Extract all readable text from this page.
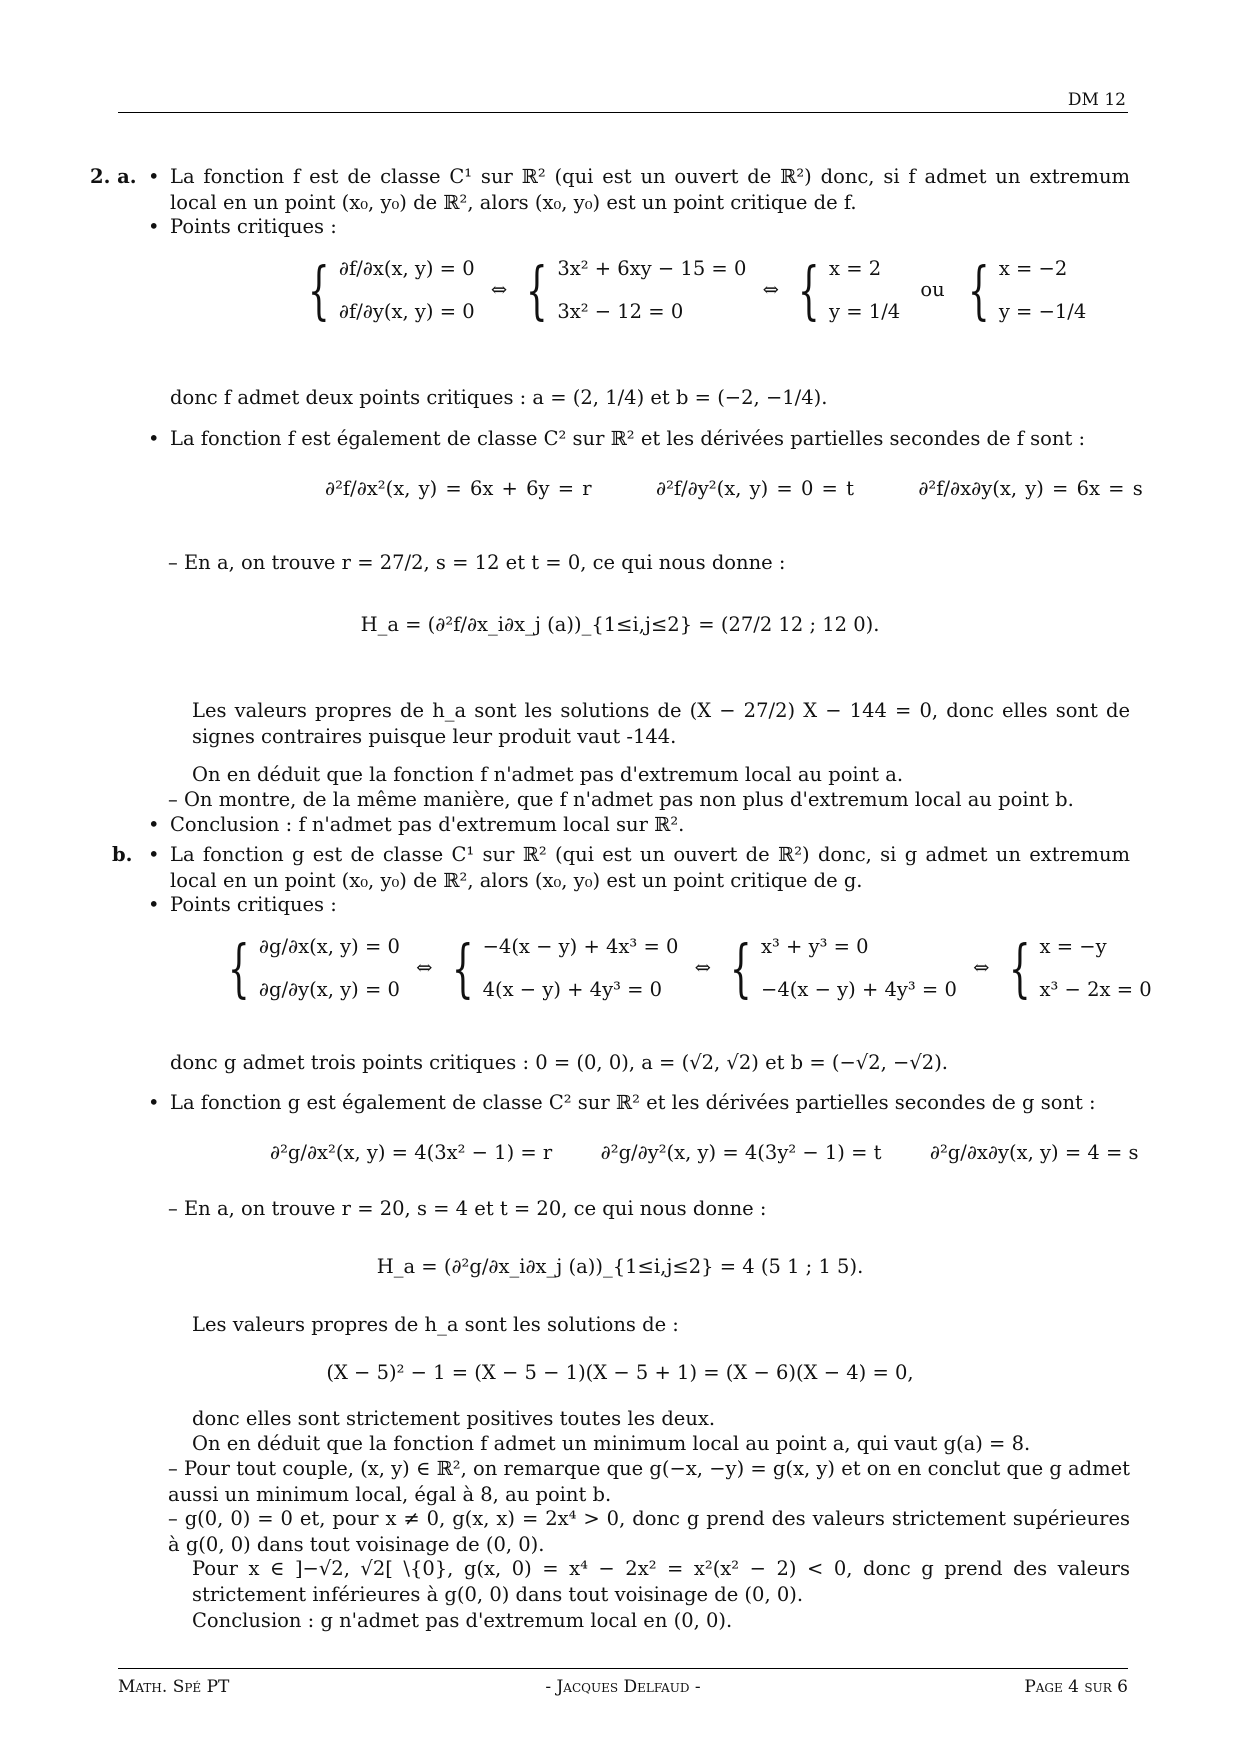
DM 12
2. a. • La fonction f est de classe C¹ sur ℝ² (qui est un ouvert de ℝ²) donc, si f admet un extremum local en un point (x₀, y₀) de ℝ², alors (x₀, y₀) est un point critique de f.
• Points critiques :
{ ∂f/∂x(x, y) = 0
∂f/∂y(x, y) = 0 ⇔ { 3x² + 6xy − 15 = 0
3x² − 12 = 0 ⇔ { x = 2
y = 1/4 ou { x = −2
y = −1/4
donc f admet deux points critiques : a = (2, 1/4) et b = (−2, −1/4).
• La fonction f est également de classe C² sur ℝ² et les dérivées partielles secondes de f sont :
∂²f/∂x²(x, y) = 6x + 6y = r	∂²f/∂y²(x, y) = 0 = t	∂²f/∂x∂y(x, y) = 6x = s
– En a, on trouve r = 27/2, s = 12 et t = 0, ce qui nous donne :
H_a = (∂²f/∂x_i∂x_j (a))_{1≤i,j≤2} = (27/2 12 ; 12 0).
Les valeurs propres de h_a sont les solutions de (X − 27/2) X − 144 = 0, donc elles sont de signes contraires puisque leur produit vaut -144.
On en déduit que la fonction f n'admet pas d'extremum local au point a.
– On montre, de la même manière, que f n'admet pas non plus d'extremum local au point b.
• Conclusion : f n'admet pas d'extremum local sur ℝ².
b. • La fonction g est de classe C¹ sur ℝ² (qui est un ouvert de ℝ²) donc, si g admet un extremum local en un point (x₀, y₀) de ℝ², alors (x₀, y₀) est un point critique de g.
• Points critiques :
{ ∂g/∂x(x, y) = 0
∂g/∂y(x, y) = 0 ⇔ { −4(x − y) + 4x³ = 0
4(x − y) + 4y³ = 0 ⇔ { x³ + y³ = 0
−4(x − y) + 4y³ = 0 ⇔ { x = −y
x³ − 2x = 0
donc g admet trois points critiques : 0 = (0, 0), a = (√2, √2) et b = (−√2, −√2).
• La fonction g est également de classe C² sur ℝ² et les dérivées partielles secondes de g sont :
∂²g/∂x²(x, y) = 4(3x² − 1) = r ∂²g/∂y²(x, y) = 4(3y² − 1) = t ∂²g/∂x∂y(x, y) = 4 = s
– En a, on trouve r = 20, s = 4 et t = 20, ce qui nous donne :
H_a = (∂²g/∂x_i∂x_j (a))_{1≤i,j≤2} = 4 (5 1 ; 1 5).
Les valeurs propres de h_a sont les solutions de :
(X − 5)² − 1 = (X − 5 − 1)(X − 5 + 1) = (X − 6)(X − 4) = 0,
donc elles sont strictement positives toutes les deux.
On en déduit que la fonction f admet un minimum local au point a, qui vaut g(a) = 8.
– Pour tout couple, (x, y) ∈ ℝ², on remarque que g(−x, −y) = g(x, y) et on en conclut que g admet aussi un minimum local, égal à 8, au point b.
– g(0, 0) = 0 et, pour x ≠ 0, g(x, x) = 2x⁴ > 0, donc g prend des valeurs strictement supérieures à g(0, 0) dans tout voisinage de (0, 0).
Pour x ∈ ]−√2, √2[ \{0}, g(x, 0) = x⁴ − 2x² = x²(x² − 2) < 0, donc g prend des valeurs strictement inférieures à g(0, 0) dans tout voisinage de (0, 0).
Conclusion : g n'admet pas d'extremum local en (0, 0).
Math. Spé PT	- Jacques Delfaud -	Page 4 sur 6
